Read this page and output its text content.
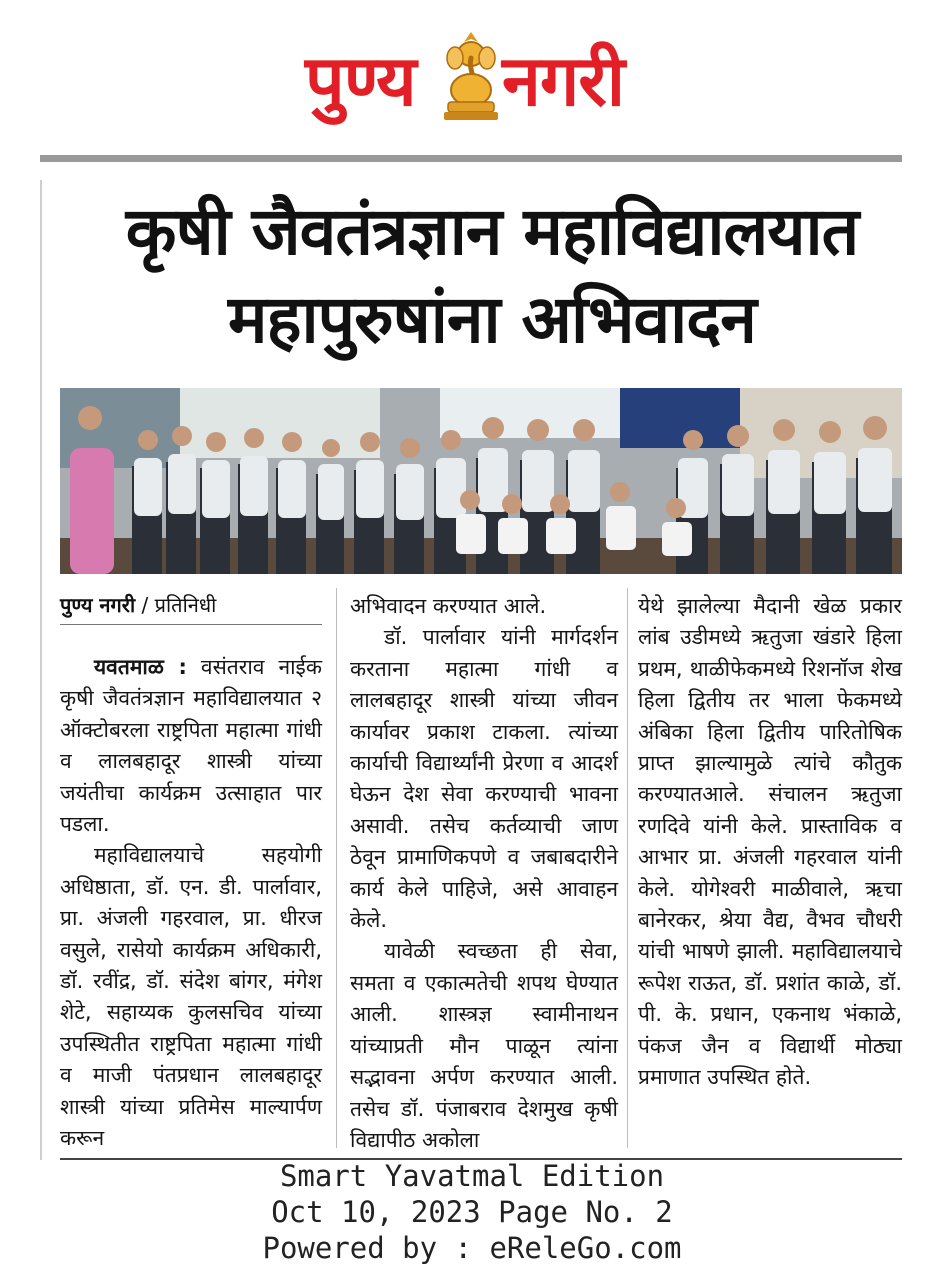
पुण्य नगरी
कृषी जैवतंत्रज्ञान महाविद्यालयात
महापुरुषांना अभिवादन
पुण्य नगरी / प्रतिनिधी

यवतमाळ : वसंतराव नाईक कृषी जैवतंत्रज्ञान महाविद्यालयात २ ऑक्टोबरला राष्ट्रपिता महात्मा गांधी व लालबहादूर शास्त्री यांच्या जयंतीचा कार्यक्रम उत्साहात पार पडला.

महाविद्यालयाचे सहयोगी अधिष्ठाता, डॉ. एन. डी. पार्लावार, प्रा. अंजली गहरवाल, प्रा. धीरज वसुले, रासेयो कार्यक्रम अधिकारी, डॉ. रवींद्र, डॉ. संदेश बांगर, मंगेश शेटे, सहाय्यक कुलसचिव यांच्या उपस्थितीत राष्ट्रपिता महात्मा गांधी व माजी पंतप्रधान लालबहादूर शास्त्री यांच्या प्रतिमेस माल्यार्पण करून

अभिवादन करण्यात आले.

डॉ. पार्लावार यांनी मार्गदर्शन करताना महात्मा गांधी व लालबहादूर शास्त्री यांच्या जीवन कार्यावर प्रकाश टाकला. त्यांच्या कार्याची विद्यार्थ्यांनी प्रेरणा व आदर्श घेऊन देश सेवा करण्याची भावना असावी. तसेच कर्तव्याची जाण ठेवून प्रामाणिकपणे व जबाबदारीने कार्य केले पाहिजे, असे आवाहन केले.

यावेळी स्वच्छता ही सेवा, समता व एकात्मतेची शपथ घेण्यात आली. शास्त्रज्ञ स्वामीनाथन यांच्याप्रती मौन पाळून त्यांना सद्भावना अर्पण करण्यात आली. तसेच डॉ. पंजाबराव देशमुख कृषी विद्यापीठ अकोला

येथे झालेल्या मैदानी खेळ प्रकार लांब उडीमध्ये ऋतुजा खंडारे हिला प्रथम, थाळीफेकमध्ये रिशनॉज शेख हिला द्वितीय तर भाला फेकमध्ये अंबिका हिला द्वितीय पारितोषिक प्राप्त झाल्यामुळे त्यांचे कौतुक करण्यातआले. संचालन ऋतुजा रणदिवे यांनी केले. प्रास्ताविक व आभार प्रा. अंजली गहरवाल यांनी केले. योगेश्वरी माळीवाले, ऋचा बानेरकर, श्रेया वैद्य, वैभव चौधरी यांची भाषणे झाली. महाविद्यालयाचे रूपेश राऊत, डॉ. प्रशांत काळे, डॉ. पी. के. प्रधान, एकनाथ भंकाळे, पंकज जैन व विद्यार्थी मोठ्या प्रमाणात उपस्थित होते.

Smart Yavatmal Edition
Oct 10, 2023 Page No. 2
Powered by : eReleGo.com
